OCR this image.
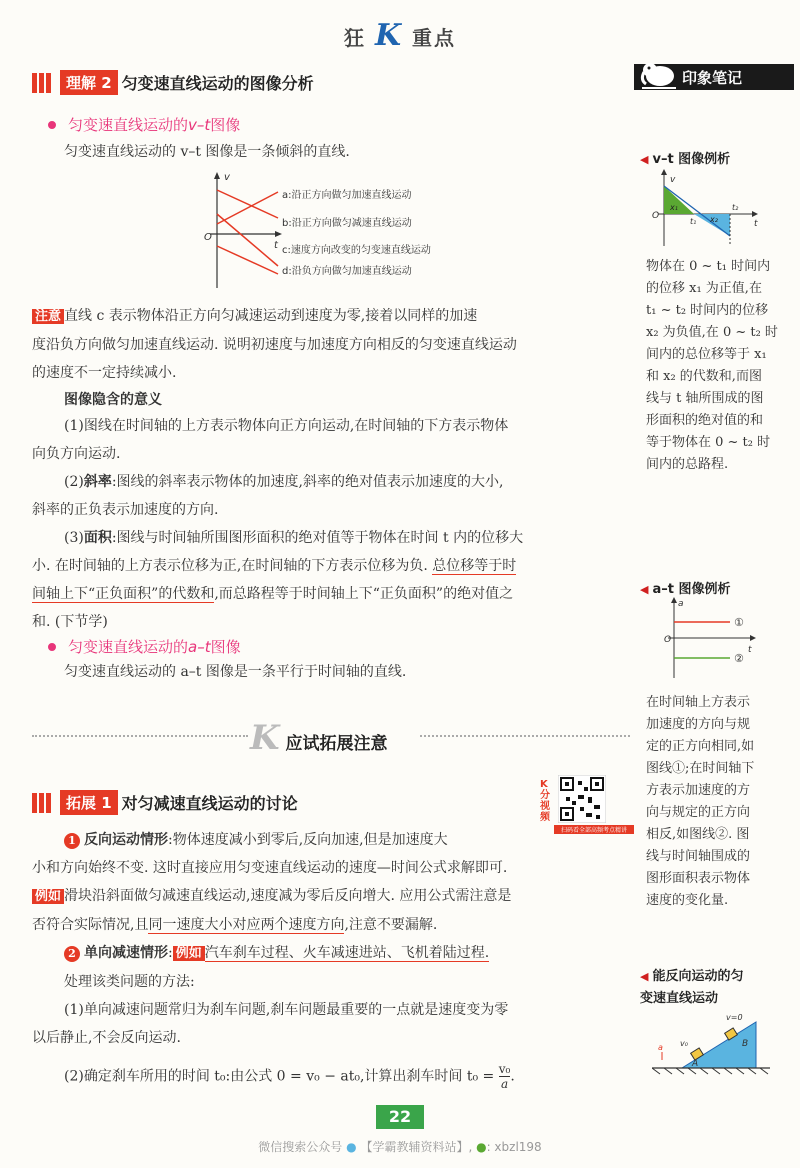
狂 K 重点
印象笔记
理解 2 匀变速直线运动的图像分析
匀变速直线运动的 v–t 图像
匀变速直线运动的 v–t 图像是一条倾斜的直线.
v
t
O
a:沿正方向做匀加速直线运动
b:沿正方向做匀减速直线运动
c:速度方向改变的匀变速直线运动
d:沿负方向做匀加速直线运动
注意 直线 c 表示物体沿正方向匀减速运动到速度为零,接着以同样的加速
度沿负方向做匀加速直线运动. 说明初速度与加速度方向相反的匀变速直线运动
的速度不一定持续减小.
图像隐含的意义
(1)图线在时间轴的上方表示物体向正方向运动,在时间轴的下方表示物体
向负方向运动.
(2)斜率:图线的斜率表示物体的加速度,斜率的绝对值表示加速度的大小,
斜率的正负表示加速度的方向.
(3)面积:图线与时间轴所围图形面积的绝对值等于物体在时间 t 内的位移大
小. 在时间轴的上方表示位移为正,在时间轴的下方表示位移为负. 总位移等于时
间轴上下“正负面积”的代数和,而总路程等于时间轴上下“正负面积”的绝对值之
和. (下节学)
匀变速直线运动的 a–t 图像
匀变速直线运动的 a–t 图像是一条平行于时间轴的直线.
K 应试拓展注意
拓展 1 对匀减速直线运动的讨论
K分视频
扫码看全部高频考点精讲
1 反向运动情形:物体速度减小到零后,反向加速,但是加速度大
小和方向始终不变. 这时直接应用匀变速直线运动的速度—时间公式求解即可.
例如 滑块沿斜面做匀减速直线运动,速度减为零后反向增大. 应用公式需注意是
否符合实际情况,且同一速度大小对应两个速度方向,注意不要漏解.
2 单向减速情形: 例如 汽车刹车过程、火车减速进站、飞机着陆过程.
处理该类问题的方法:
(1)单向减速问题常归为刹车问题,刹车问题最重要的一点就是速度变为零
以后静止,不会反向运动.
(2)确定刹车所用的时间 t₀:由公式 0 = v₀ − at₀,计算出刹车时间 $t_0 = \frac{\text{v₀}}{a}$ .
◀ v–t 图像例析
v
t
O
x₁
x₂
t₁
t₂
物体在 0 ~ t₁ 时间内
的位移 x₁ 为正值,在
t₁ ~ t₂ 时间内的位移
x₂ 为负值,在 0 ~ t₂ 时
间内的总位移等于 x₁
和 x₂ 的代数和,而图
线与 t 轴所围成的图
形面积的绝对值的和
等于物体在 0 ~ t₂ 时
间内的总路程.
◀ a–t 图像例析
a
t
O
①
②
在时间轴上方表示
加速度的方向与规
定的正方向相同,如
图线①;在时间轴下
方表示加速度的方
向与规定的正方向
相反,如图线②. 图
线与时间轴围成的
图形面积表示物体
速度的变化量.
◀ 能反向运动的匀
变速直线运动
a v₀
v=0
A
B
22
微信搜索公众号 ● 【学霸教辅资料站】, ●: xbzl198
